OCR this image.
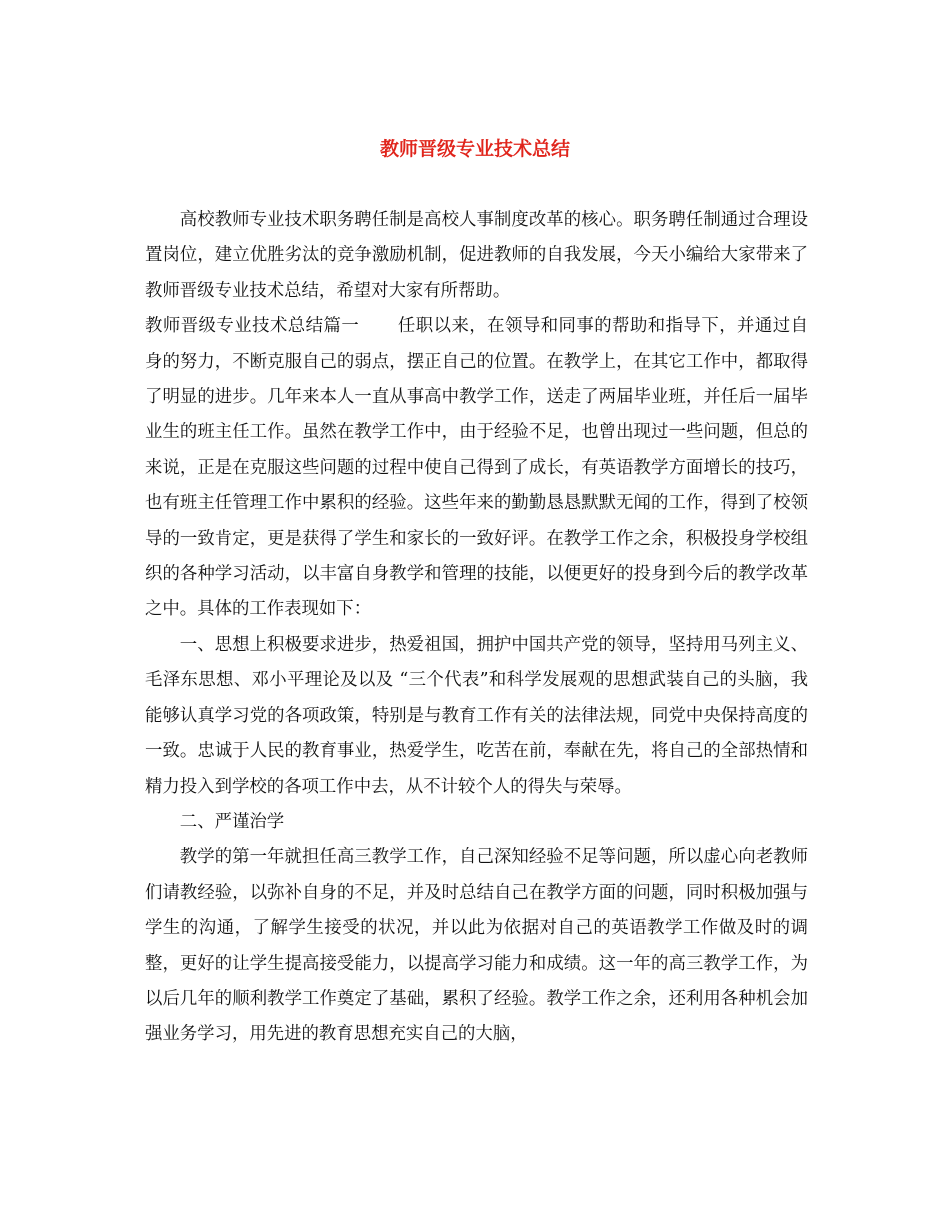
教师晋级专业技术总结

高校教师专业技术职务聘任制是高校人事制度改革的核心。职务聘任制通过合理设置岗位，建立优胜劣汰的竞争激励机制，促进教师的自我发展，今天小编给大家带来了教师晋级专业技术总结，希望对大家有所帮助。

教师晋级专业技术总结篇一 任职以来，在领导和同事的帮助和指导下，并通过自身的努力，不断克服自己的弱点，摆正自己的位置。在教学上，在其它工作中，都取得了明显的进步。几年来本人一直从事高中教学工作，送走了两届毕业班，并任后一届毕业生的班主任工作。虽然在教学工作中，由于经验不足，也曾出现过一些问题，但总的来说，正是在克服这些问题的过程中使自己得到了成长，有英语教学方面增长的技巧，也有班主任管理工作中累积的经验。这些年来的勤勤恳恳默默无闻的工作，得到了校领导的一致肯定，更是获得了学生和家长的一致好评。在教学工作之余，积极投身学校组织的各种学习活动，以丰富自身教学和管理的技能，以便更好的投身到今后的教学改革之中。具体的工作表现如下：

一、思想上积极要求进步，热爱祖国，拥护中国共产党的领导，坚持用马列主义、毛泽东思想、邓小平理论及以及 “三个代表”和科学发展观的思想武装自己的头脑，我能够认真学习党的各项政策，特别是与教育工作有关的法律法规，同党中央保持高度的一致。忠诚于人民的教育事业，热爱学生，吃苦在前，奉献在先，将自己的全部热情和精力投入到学校的各项工作中去，从不计较个人的得失与荣辱。

二、严谨治学

教学的第一年就担任高三教学工作，自己深知经验不足等问题，所以虚心向老教师们请教经验，以弥补自身的不足，并及时总结自己在教学方面的问题，同时积极加强与学生的沟通，了解学生接受的状况，并以此为依据对自己的英语教学工作做及时的调整，更好的让学生提高接受能力，以提高学习能力和成绩。这一年的高三教学工作，为以后几年的顺利教学工作奠定了基础，累积了经验。教学工作之余，还利用各种机会加强业务学习，用先进的教育思想充实自己的大脑，
